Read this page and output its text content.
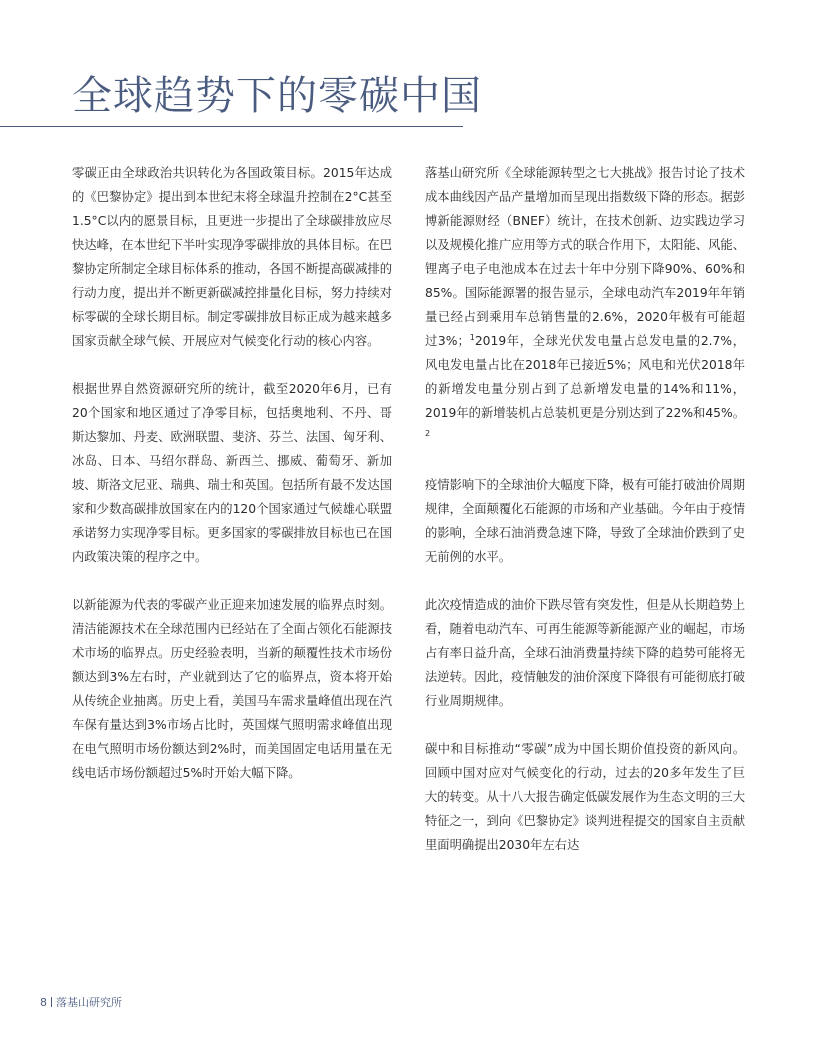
全球趋势下的零碳中国

零碳正由全球政治共识转化为各国政策目标。2015年达成的《巴黎协定》提出到本世纪末将全球温升控制在2°C甚至1.5°C以内的愿景目标，且更进一步提出了全球碳排放应尽快达峰，在本世纪下半叶实现净零碳排放的具体目标。在巴黎协定所制定全球目标体系的推动，各国不断提高碳减排的行动力度，提出并不断更新碳减控排量化目标，努力持续对标零碳的全球长期目标。制定零碳排放目标正成为越来越多国家贡献全球气候、开展应对气候变化行动的核心内容。

根据世界自然资源研究所的统计，截至2020年6月，已有20个国家和地区通过了净零目标，包括奥地利、不丹、哥斯达黎加、丹麦、欧洲联盟、斐济、芬兰、法国、匈牙利、冰岛、日本、马绍尔群岛、新西兰、挪威、葡萄牙、新加坡、斯洛文尼亚、瑞典、瑞士和英国。包括所有最不发达国家和少数高碳排放国家在内的120个国家通过气候雄心联盟承诺努力实现净零目标。更多国家的零碳排放目标也已在国内政策决策的程序之中。

以新能源为代表的零碳产业正迎来加速发展的临界点时刻。清洁能源技术在全球范围内已经站在了全面占领化石能源技术市场的临界点。历史经验表明，当新的颠覆性技术市场份额达到3%左右时，产业就到达了它的临界点，资本将开始从传统企业抽离。历史上看，美国马车需求量峰值出现在汽车保有量达到3%市场占比时，英国煤气照明需求峰值出现在电气照明市场份额达到2%时，而美国固定电话用量在无线电话市场份额超过5%时开始大幅下降。

落基山研究所《全球能源转型之七大挑战》报告讨论了技术成本曲线因产品产量增加而呈现出指数级下降的形态。据彭博新能源财经（BNEF）统计，在技术创新、边实践边学习以及规模化推广应用等方式的联合作用下，太阳能、风能、锂离子电子电池成本在过去十年中分别下降90%、60%和85%。国际能源署的报告显示，全球电动汽车2019年年销量已经占到乘用车总销售量的2.6%，2020年极有可能超过3%；$^1$2019年，全球光伏发电量占总发电量的2.7%，风电发电量占比在2018年已接近5%；风电和光伏2018年的新增发电量分别占到了总新增发电量的14%和11%，2019年的新增装机占总装机更是分别达到了22%和45%。$^2$

疫情影响下的全球油价大幅度下降，极有可能打破油价周期规律，全面颠覆化石能源的市场和产业基础。今年由于疫情的影响，全球石油消费急速下降，导致了全球油价跌到了史无前例的水平。

此次疫情造成的油价下跌尽管有突发性，但是从长期趋势上看，随着电动汽车、可再生能源等新能源产业的崛起，市场占有率日益升高，全球石油消费量持续下降的趋势可能将无法逆转。因此，疫情触发的油价深度下降很有可能彻底打破行业周期规律。

碳中和目标推动“零碳”成为中国长期价值投资的新风向。回顾中国对应对气候变化的行动，过去的20多年发生了巨大的转变。从十八大报告确定低碳发展作为生态文明的三大特征之一，到向《巴黎协定》谈判进程提交的国家自主贡献里面明确提出2030年左右达

8 落基山研究所
